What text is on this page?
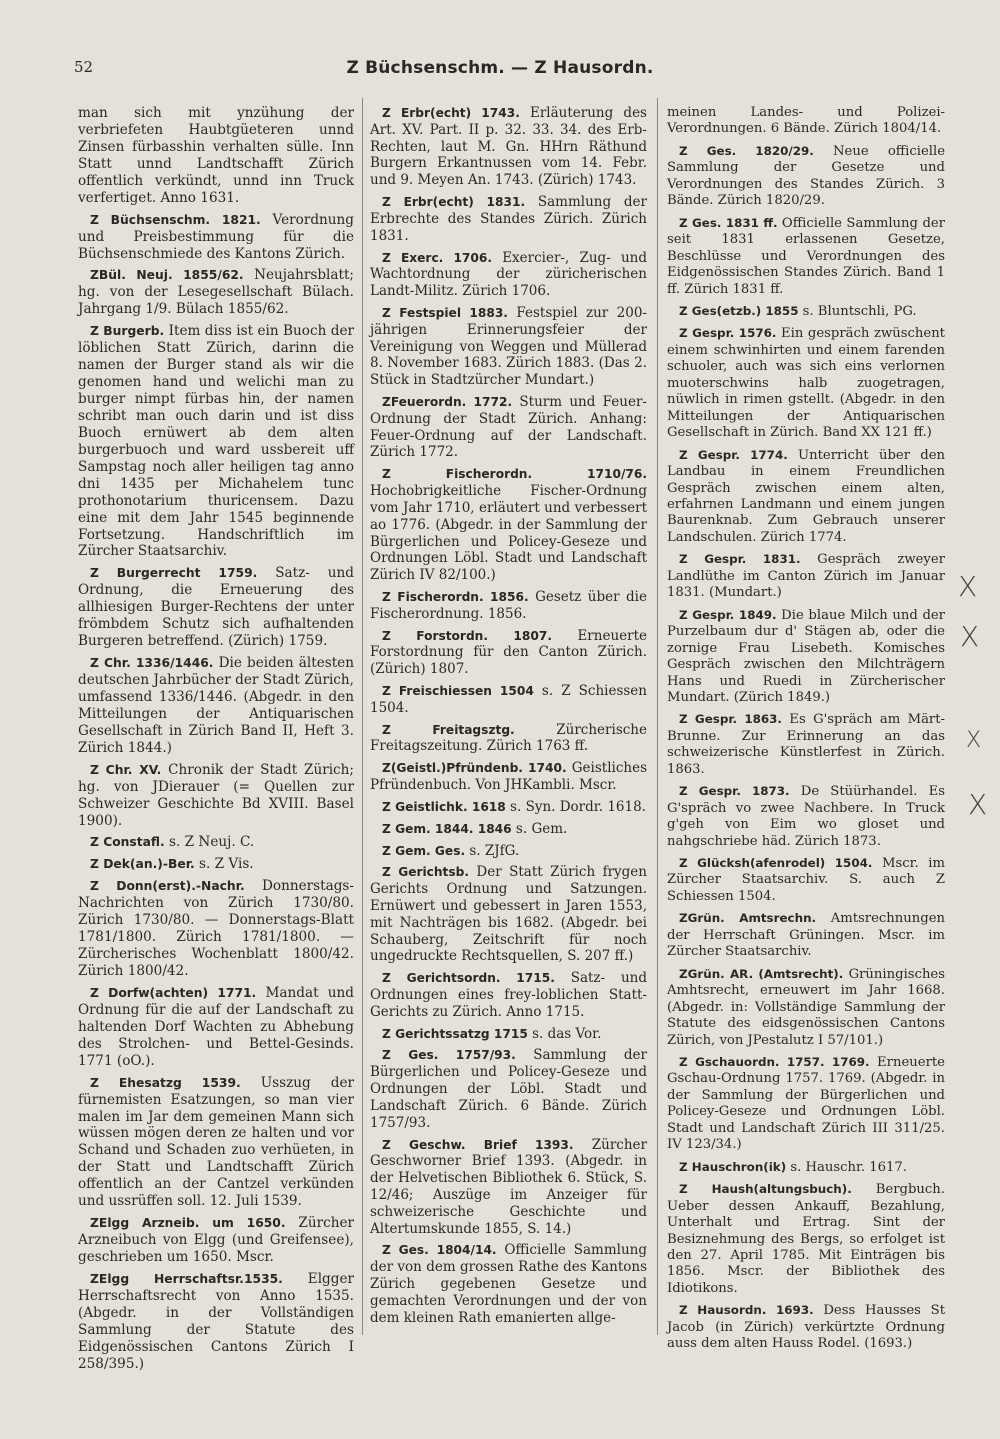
52	Z Büchsenschm. — Z Hausordn.

man sich mit ynzühung der verbriefeten Haubtgüeteren unnd Zinsen fürbasshin verhalten sülle. Inn Statt unnd Landtschafft Zürich offentlich verkündt, unnd inn Truck verfertiget. Anno 1631.

Z Büchsenschm. 1821. Verordnung und Preisbestimmung für die Büchsenschmiede des Kantons Zürich.

ZBül. Neuj. 1855/62. Neujahrsblatt; hg. von der Lesegesellschaft Bülach. Jahrgang 1/9. Bülach 1855/62.

Z Burgerb. Item diss ist ein Buoch der löblichen Statt Zürich, darinn die namen der Burger stand als wir die genomen hand und welichi man zu burger nimpt fürbas hin, der namen schribt man ouch darin und ist diss Buoch ernüwert ab dem alten burgerbuoch und ward ussbereit uff Sampstag noch aller heiligen tag anno dni 1435 per Michahelem tunc prothonotarium thuricensem. Dazu eine mit dem Jahr 1545 beginnende Fortsetzung. Handschriftlich im Zürcher Staatsarchiv.

Z Burgerrecht 1759. Satz- und Ordnung, die Erneuerung des allhiesigen Burger-Rechtens der unter frömbdem Schutz sich aufhaltenden Burgeren betreffend. (Zürich) 1759.

Z Chr. 1336/1446. Die beiden ältesten deutschen Jahrbücher der Stadt Zürich, umfassend 1336/1446. (Abgedr. in den Mitteilungen der Antiquarischen Gesellschaft in Zürich Band II, Heft 3. Zürich 1844.)

Z Chr. XV. Chronik der Stadt Zürich; hg. von JDierauer (= Quellen zur Schweizer Geschichte Bd XVIII. Basel 1900).

Z Constafl. s. Z Neuj. C.

Z Dek(an.)-Ber. s. Z Vis.

Z Donn(erst).-Nachr. Donnerstags-Nachrichten von Zürich 1730/80. Zürich 1730/80. — Donnerstags-Blatt 1781/1800. Zürich 1781/1800. — Zürcherisches Wochenblatt 1800/42. Zürich 1800/42.

Z Dorfw(achten) 1771. Mandat und Ordnung für die auf der Landschaft zu haltenden Dorf Wachten zu Abhebung des Strolchen- und Bettel-Gesinds. 1771 (oO.).

Z Ehesatzg 1539. Usszug der fürnemisten Esatzungen, so man vier malen im Jar dem gemeinen Mann sich wüssen mögen deren ze halten und vor Schand und Schaden zuo verhüeten, in der Statt und Landtschafft Zürich offentlich an der Cantzel verkünden und ussrüffen soll. 12. Juli 1539.

ZElgg Arzneib. um 1650. Zürcher Arzneibuch von Elgg (und Greifensee), geschrieben um 1650. Mscr.

ZElgg Herrschaftsr.1535. Elgger Herrschaftsrecht von Anno 1535. (Abgedr. in der Vollständigen Sammlung der Statute des Eidgenössischen Cantons Zürich I 258/395.)

Z Erbr(echt) 1743. Erläuterung des Art. XV. Part. II p. 32. 33. 34. des Erb-Rechten, laut M. Gn. HHrn Räthund Burgern Erkantnussen vom 14. Febr. und 9. Meyen An. 1743. (Zürich) 1743.

Z Erbr(echt) 1831. Sammlung der Erbrechte des Standes Zürich. Zürich 1831.

Z Exerc. 1706. Exercier-, Zug- und Wachtordnung der züricherischen Landt-Militz. Zürich 1706.

Z Festspiel 1883. Festspiel zur 200-jährigen Erinnerungsfeier der Vereinigung von Weggen und Müllerad 8. November 1683. Zürich 1883. (Das 2. Stück in Stadtzürcher Mundart.)

ZFeuerordn. 1772. Sturm und Feuer-Ordnung der Stadt Zürich. Anhang: Feuer-Ordnung auf der Landschaft. Zürich 1772.

Z Fischerordn. 1710/76. Hochobrigkeitliche Fischer-Ordnung vom Jahr 1710, erläutert und verbessert ao 1776. (Abgedr. in der Sammlung der Bürgerlichen und Policey-Geseze und Ordnungen Löbl. Stadt und Landschaft Zürich IV 82/100.)

Z Fischerordn. 1856. Gesetz über die Fischerordnung. 1856.

Z Forstordn. 1807. Erneuerte Forstordnung für den Canton Zürich. (Zürich) 1807.

Z Freischiessen 1504 s. Z Schiessen 1504.

Z Freitagsztg. Zürcherische Freitagszeitung. Zürich 1763 ff.

Z(Geistl.)Pfründenb. 1740. Geistliches Pfründenbuch. Von JHKambli. Mscr.

Z Geistlichk. 1618 s. Syn. Dordr. 1618.

Z Gem. 1844. 1846 s. Gem.

Z Gem. Ges. s. ZJfG.

Z Gerichtsb. Der Statt Zürich frygen Gerichts Ordnung und Satzungen. Ernüwert und gebessert in Jaren 1553, mit Nachträgen bis 1682. (Abgedr. bei Schauberg, Zeitschrift für noch ungedruckte Rechtsquellen, S. 207 ff.)

Z Gerichtsordn. 1715. Satz- und Ordnungen eines frey-loblichen Statt-Gerichts zu Zürich. Anno 1715.

Z Gerichtssatzg 1715 s. das Vor.

Z Ges. 1757/93. Sammlung der Bürgerlichen und Policey-Geseze und Ordnungen der Löbl. Stadt und Landschaft Zürich. 6 Bände. Zürich 1757/93.

Z Geschw. Brief 1393. Zürcher Geschworner Brief 1393. (Abgedr. in der Helvetischen Bibliothek 6. Stück, S. 12/46; Auszüge im Anzeiger für schweizerische Geschichte und Altertumskunde 1855, S. 14.)

Z Ges. 1804/14. Officielle Sammlung der von dem grossen Rathe des Kantons Zürich gegebenen Gesetze und gemachten Verordnungen und der von dem kleinen Rath emanierten allge-

meinen Landes- und Polizei-Verordnungen. 6 Bände. Zürich 1804/14.

Z Ges. 1820/29. Neue officielle Sammlung der Gesetze und Verordnungen des Standes Zürich. 3 Bände. Zürich 1820/29.

Z Ges. 1831 ff. Officielle Sammlung der seit 1831 erlassenen Gesetze, Beschlüsse und Verordnungen des Eidgenössischen Standes Zürich. Band 1 ff. Zürich 1831 ff.

Z Ges(etzb.) 1855 s. Bluntschli, PG.

Z Gespr. 1576. Ein gespräch zwüschent einem schwinhirten und einem farenden schuoler, auch was sich eins verlornen muoterschwins halb zuogetragen, nüwlich in rimen gstellt. (Abgedr. in den Mitteilungen der Antiquarischen Gesellschaft in Zürich. Band XX 121 ff.)

Z Gespr. 1774. Unterricht über den Landbau in einem Freundlichen Gespräch zwischen einem alten, erfahrnen Landmann und einem jungen Baurenknab. Zum Gebrauch unserer Landschulen. Zürich 1774.

Z Gespr. 1831. Gespräch zweyer Landlüthe im Canton Zürich im Januar 1831. (Mundart.)

Z Gespr. 1849. Die blaue Milch und der Purzelbaum dur d' Stägen ab, oder die zornige Frau Lisebeth. Komisches Gespräch zwischen den Milchträgern Hans und Ruedi in Zürcherischer Mundart. (Zürich 1849.)

Z Gespr. 1863. Es G'spräch am Märt-Brunne. Zur Erinnerung an das schweizerische Künstlerfest in Zürich. 1863.

Z Gespr. 1873. De Stüürhandel. Es G'spräch vo zwee Nachbere. In Truck g'geh von Eim wo gloset und nahgschriebe häd. Zürich 1873.

Z Glücksh(afenrodel) 1504. Mscr. im Zürcher Staatsarchiv. S. auch Z Schiessen 1504.

ZGrün. Amtsrechn. Amtsrechnungen der Herrschaft Grüningen. Mscr. im Zürcher Staatsarchiv.

ZGrün. AR. (Amtsrecht). Grüningisches Amhtsrecht, erneuwert im Jahr 1668. (Abgedr. in: Vollständige Sammlung der Statute des eidsgenössischen Cantons Zürich, von JPestalutz I 57/101.)

Z Gschauordn. 1757. 1769. Erneuerte Gschau-Ordnung 1757. 1769. (Abgedr. in der Sammlung der Bürgerlichen und Policey-Geseze und Ordnungen Löbl. Stadt und Landschaft Zürich III 311/25. IV 123/34.)

Z Hauschron(ik) s. Hauschr. 1617.

Z Haush(altungsbuch). Bergbuch. Ueber dessen Ankauff, Bezahlung, Unterhalt und Ertrag. Sint der Besiznehmung des Bergs, so erfolget ist den 27. April 1785. Mit Einträgen bis 1856. Mscr. der Bibliothek des Idiotikons.

Z Hausordn. 1693. Dess Hausses St Jacob (in Zürich) verkürtzte Ordnung auss dem alten Hauss Rodel. (1693.)

X
X
X
X
